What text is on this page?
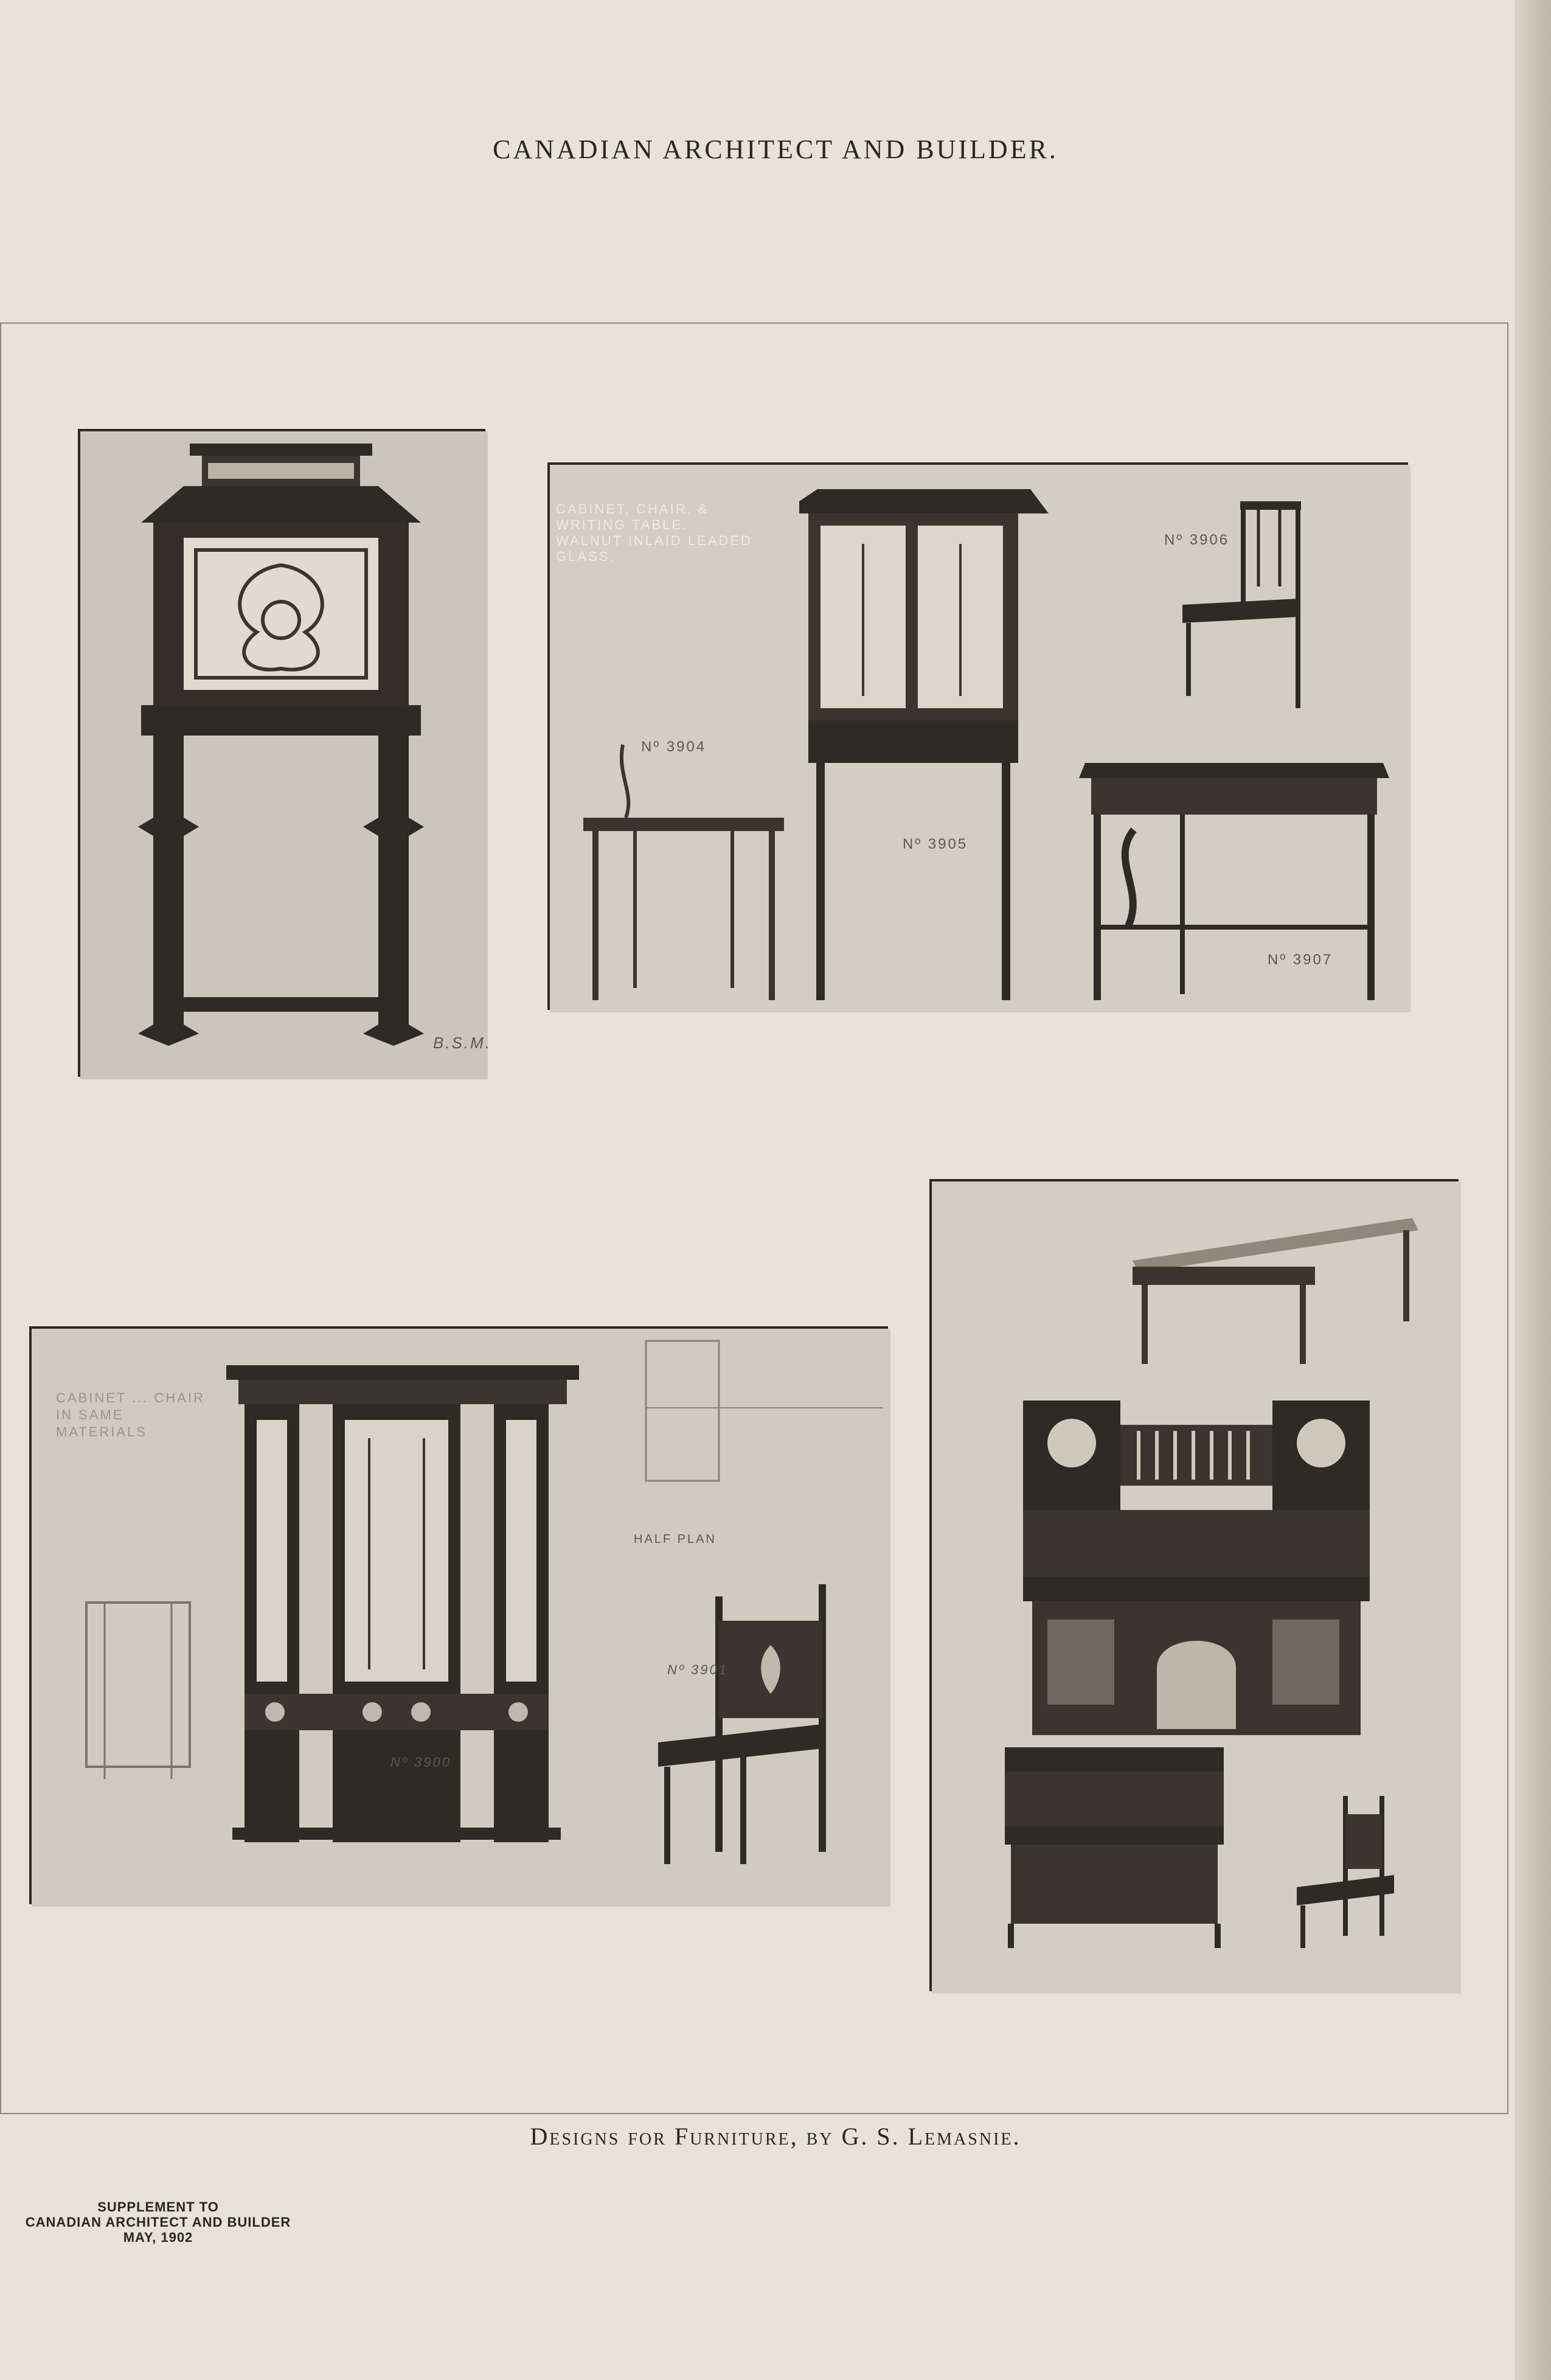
CANADIAN ARCHITECT AND BUILDER.
B.S.M.
CABINET, CHAIR, & WRITING TABLE. WALNUT INLAID LEADED GLASS.
Nº 3904
Nº 3905
Nº 3906
Nº 3907
CABINET ... CHAIR IN SAME MATERIALS
HALF PLAN
Nº 3900
Nº 3901
Designs for Furniture, by G. S. Lemasnie.
SUPPLEMENT TO
CANADIAN ARCHITECT AND BUILDER
MAY, 1902
